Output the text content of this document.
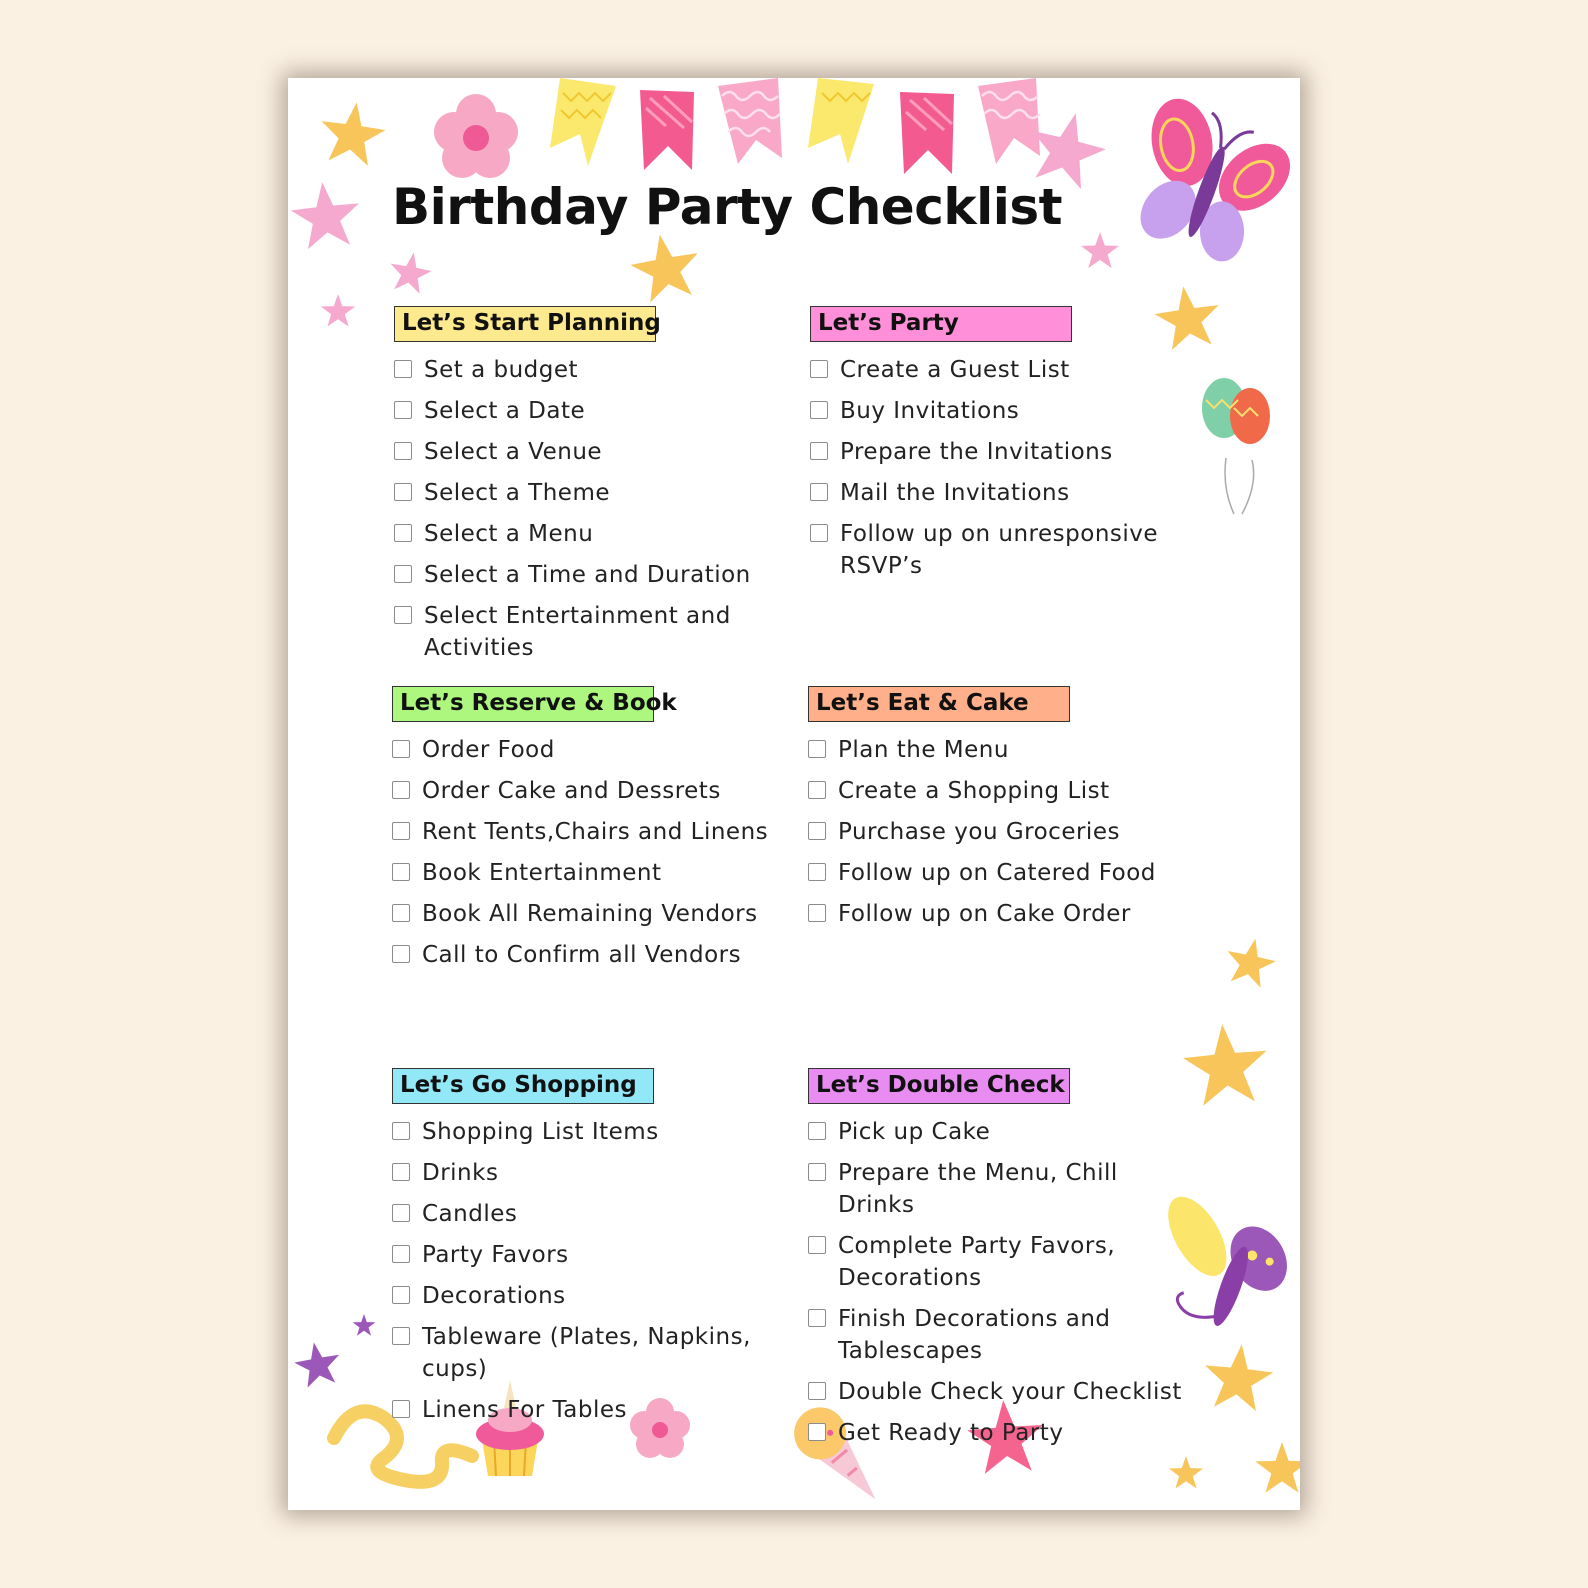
Birthday Party Checklist
Let’s Start Planning
Set a budget
Select a Date
Select a Venue
Select a Theme
Select a Menu
Select a Time and Duration
Select Entertainment and Activities
Let’s Party
Create a Guest List
Buy Invitations
Prepare the Invitations
Mail the Invitations
Follow up on unresponsive RSVP’s
Let’s Reserve & Book
Order Food
Order Cake and Dessrets
Rent Tents,Chairs and Linens
Book Entertainment
Book All Remaining Vendors
Call to Confirm all Vendors
Let’s Eat & Cake
Plan the Menu
Create a Shopping List
Purchase you Groceries
Follow up on Catered Food
Follow up on Cake Order
Let’s Go Shopping
Shopping List Items
Drinks
Candles
Party Favors
Decorations
Tableware (Plates, Napkins, cups)
Linens For Tables
Let’s Double Check
Pick up Cake
Prepare the Menu, Chill Drinks
Complete Party Favors, Decorations
Finish Decorations and Tablescapes
Double Check your Checklist
Get Ready to Party
